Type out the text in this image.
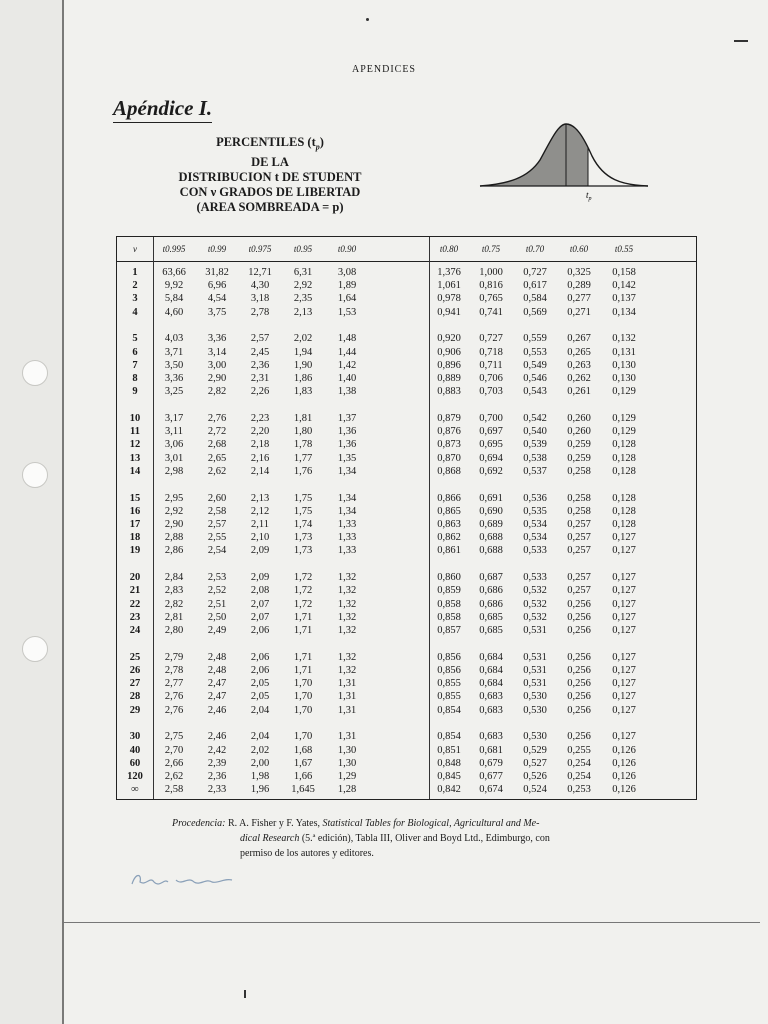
APENDICES
Apéndice I.
PERCENTILES $(t_p)$
DE LA
DISTRIBUCION t DE STUDENT
CON ν GRADOS DE LIBERTAD
(AREA SOMBREADA = p)
$t_p$
ν	t0.995	t0.99	t0.975	t0.95	t0.90	t0.80	t0.75	t0.70	t0.60	t0.55
1	63,66	31,82	12,71	6,31	3,08	1,376	1,000	0,727	0,325	0,158
2	9,92	6,96	4,30	2,92	1,89	1,061	0,816	0,617	0,289	0,142
3	5,84	4,54	3,18	2,35	1,64	0,978	0,765	0,584	0,277	0,137
4	4,60	3,75	2,78	2,13	1,53	0,941	0,741	0,569	0,271	0,134
5	4,03	3,36	2,57	2,02	1,48	0,920	0,727	0,559	0,267	0,132
6	3,71	3,14	2,45	1,94	1,44	0,906	0,718	0,553	0,265	0,131
7	3,50	3,00	2,36	1,90	1,42	0,896	0,711	0,549	0,263	0,130
8	3,36	2,90	2,31	1,86	1,40	0,889	0,706	0,546	0,262	0,130
9	3,25	2,82	2,26	1,83	1,38	0,883	0,703	0,543	0,261	0,129
10	3,17	2,76	2,23	1,81	1,37	0,879	0,700	0,542	0,260	0,129
11	3,11	2,72	2,20	1,80	1,36	0,876	0,697	0,540	0,260	0,129
12	3,06	2,68	2,18	1,78	1,36	0,873	0,695	0,539	0,259	0,128
13	3,01	2,65	2,16	1,77	1,35	0,870	0,694	0,538	0,259	0,128
14	2,98	2,62	2,14	1,76	1,34	0,868	0,692	0,537	0,258	0,128
15	2,95	2,60	2,13	1,75	1,34	0,866	0,691	0,536	0,258	0,128
16	2,92	2,58	2,12	1,75	1,34	0,865	0,690	0,535	0,258	0,128
17	2,90	2,57	2,11	1,74	1,33	0,863	0,689	0,534	0,257	0,128
18	2,88	2,55	2,10	1,73	1,33	0,862	0,688	0,534	0,257	0,127
19	2,86	2,54	2,09	1,73	1,33	0,861	0,688	0,533	0,257	0,127
20	2,84	2,53	2,09	1,72	1,32	0,860	0,687	0,533	0,257	0,127
21	2,83	2,52	2,08	1,72	1,32	0,859	0,686	0,532	0,257	0,127
22	2,82	2,51	2,07	1,72	1,32	0,858	0,686	0,532	0,256	0,127
23	2,81	2,50	2,07	1,71	1,32	0,858	0,685	0,532	0,256	0,127
24	2,80	2,49	2,06	1,71	1,32	0,857	0,685	0,531	0,256	0,127
25	2,79	2,48	2,06	1,71	1,32	0,856	0,684	0,531	0,256	0,127
26	2,78	2,48	2,06	1,71	1,32	0,856	0,684	0,531	0,256	0,127
27	2,77	2,47	2,05	1,70	1,31	0,855	0,684	0,531	0,256	0,127
28	2,76	2,47	2,05	1,70	1,31	0,855	0,683	0,530	0,256	0,127
29	2,76	2,46	2,04	1,70	1,31	0,854	0,683	0,530	0,256	0,127
30	2,75	2,46	2,04	1,70	1,31	0,854	0,683	0,530	0,256	0,127
40	2,70	2,42	2,02	1,68	1,30	0,851	0,681	0,529	0,255	0,126
60	2,66	2,39	2,00	1,67	1,30	0,848	0,679	0,527	0,254	0,126
120	2,62	2,36	1,98	1,66	1,29	0,845	0,677	0,526	0,254	0,126
∞	2,58	2,33	1,96	1,645	1,28	0,842	0,674	0,524	0,253	0,126
Procedencia: R. A. Fisher y F. Yates, Statistical Tables for Biological, Agricultural and Me-
dical Research (5.ª edición), Tabla III, Oliver and Boyd Ltd., Edimburgo, con
permiso de los autores y editores.
